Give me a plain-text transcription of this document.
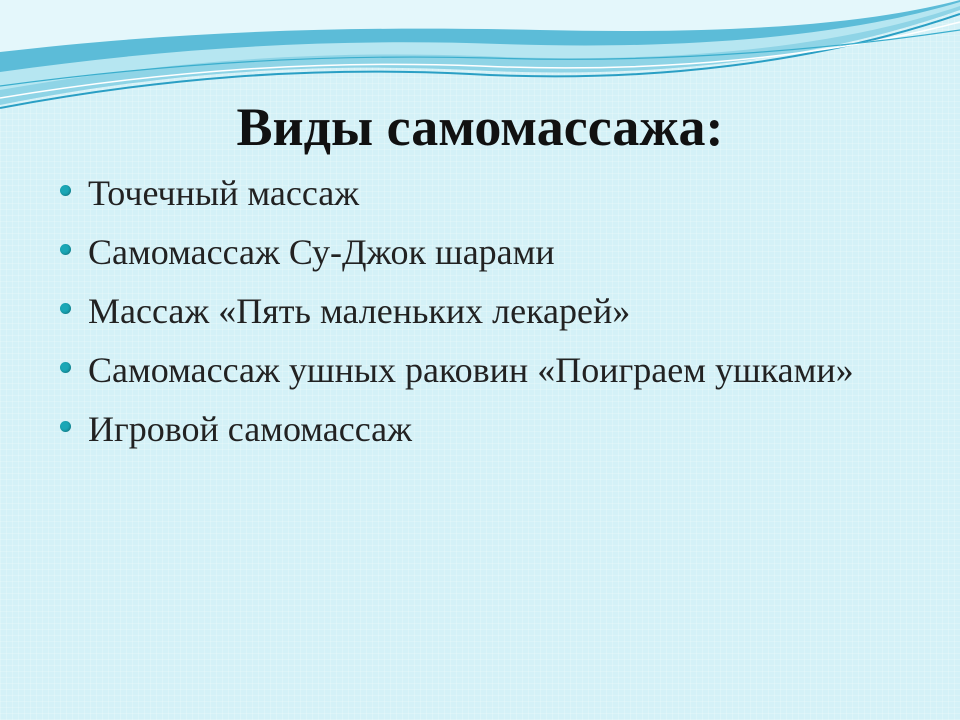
Виды самомассажа:
Точечный массаж
Самомассаж Су-Джок шарами
Массаж «Пять маленьких лекарей»
Самомассаж ушных раковин «Поиграем ушками»
Игровой самомассаж
